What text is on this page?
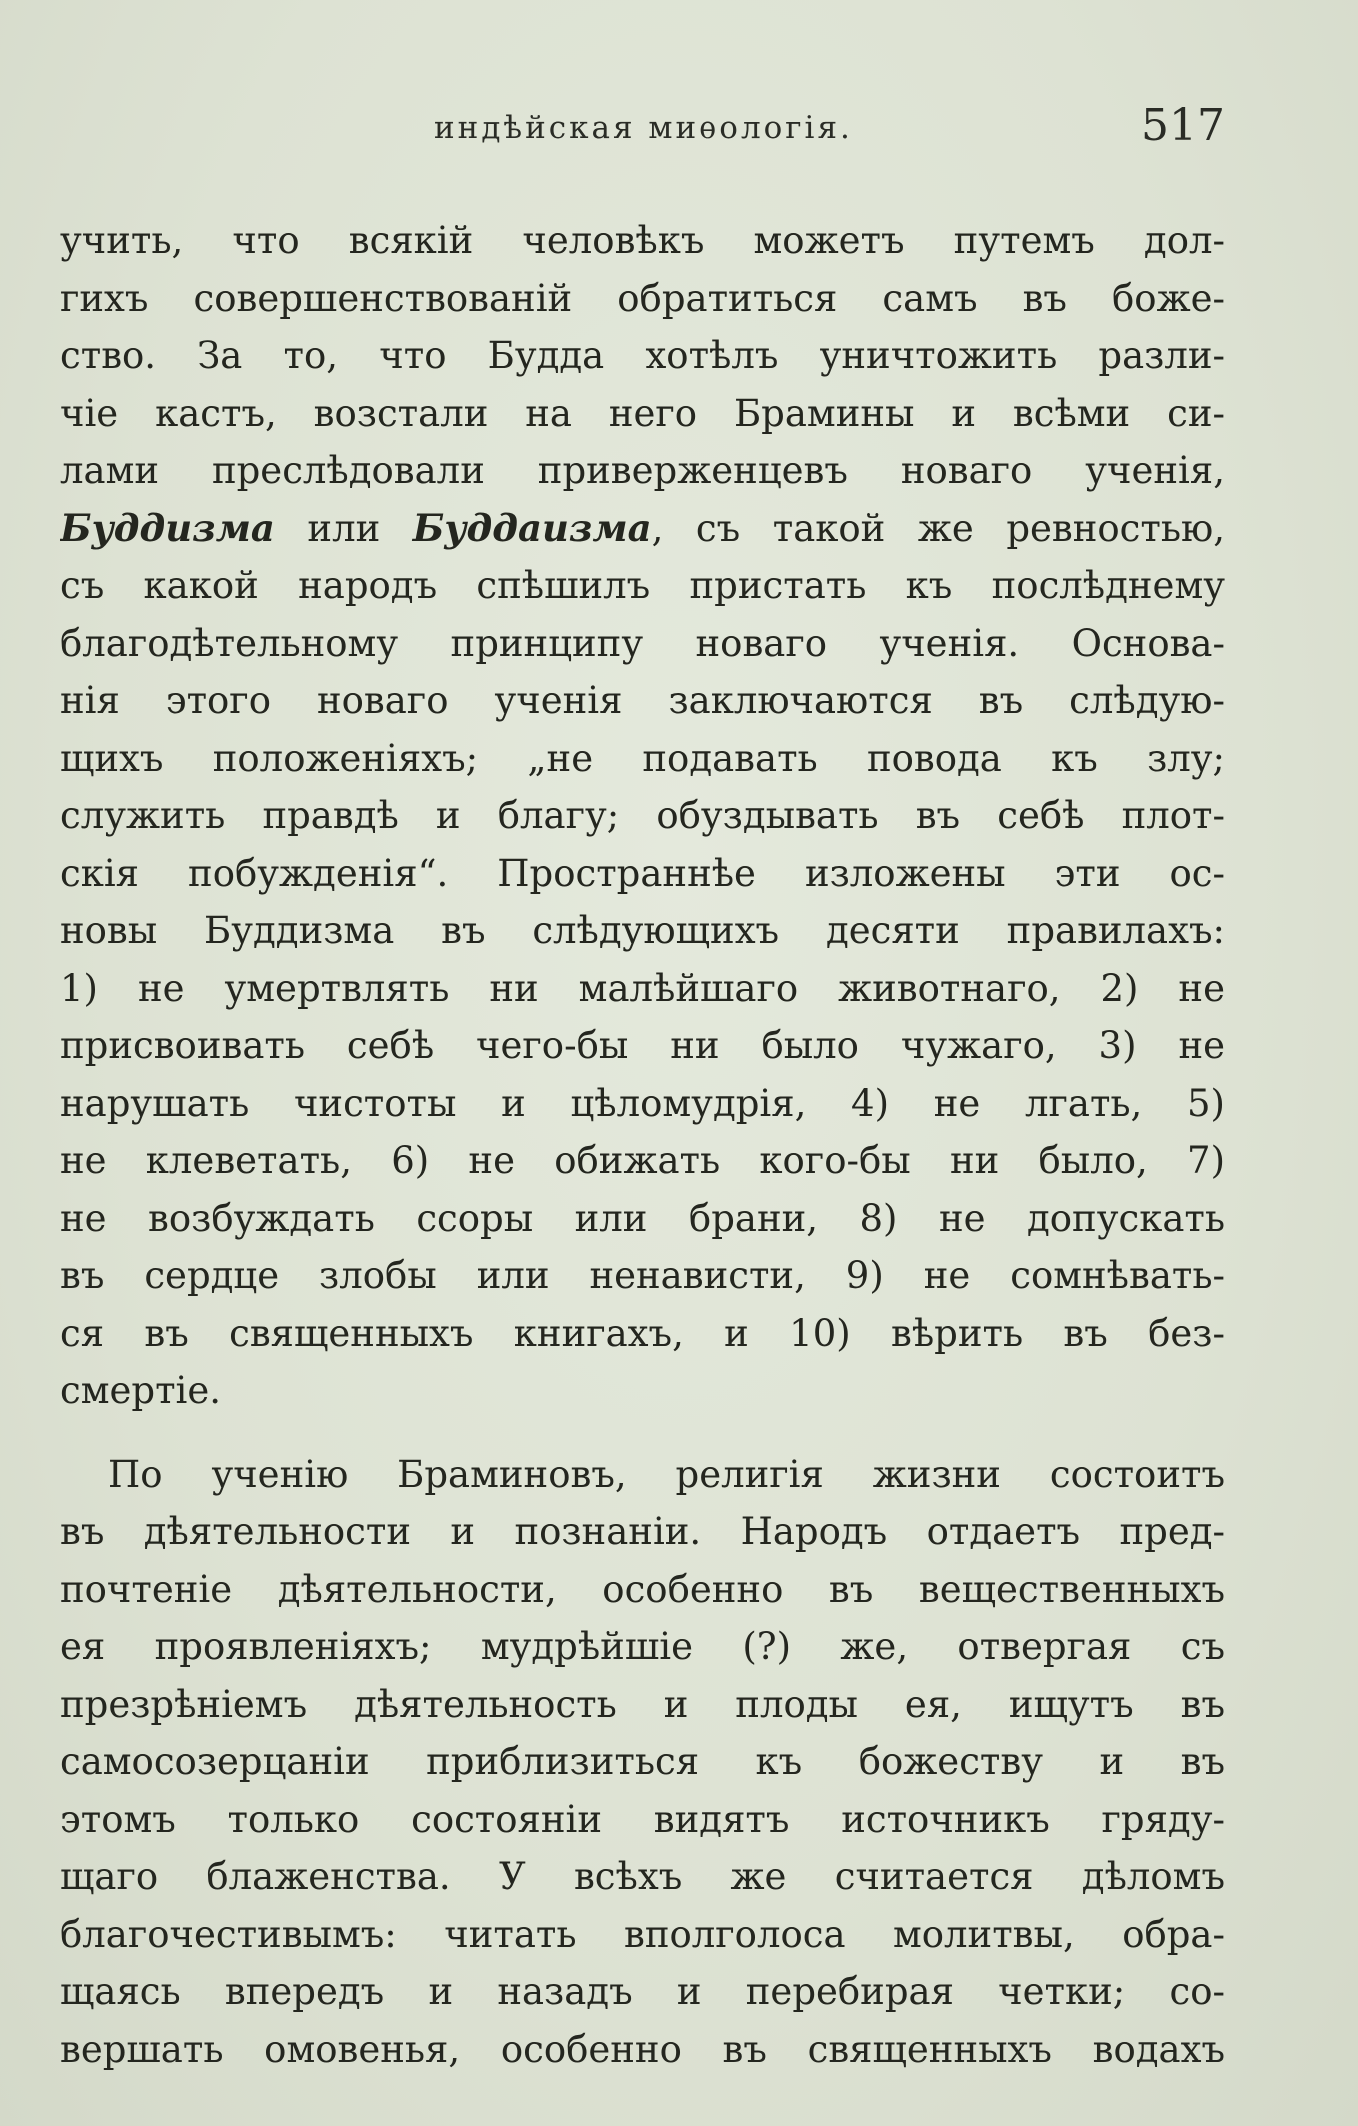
индѣйская миѳологія.	517
учить, что всякій человѣкъ можетъ путемъ дол-
гихъ совершенствованій обратиться самъ въ боже-
ство. За то, что Будда хотѣлъ уничтожить разли-
чіе кастъ, возстали на него Брамины и всѣми си-
лами преслѣдовали приверженцевъ новаго ученія,
Буддизма или Буддаизма, съ такой же ревностью,
съ какой народъ спѣшилъ пристать къ послѣднему
благодѣтельному принципу новаго ученія. Основа-
нія этого новаго ученія заключаются въ слѣдую-
щихъ положеніяхъ; „не подавать повода къ злу;
служить правдѣ и благу; обуздывать въ себѣ плот-
скія побужденія“. Пространнѣе изложены эти ос-
новы Буддизма въ слѣдующихъ десяти правилахъ:
1) не умертвлять ни малѣйшаго животнаго, 2) не
присвоивать себѣ чего-бы ни было чужаго, 3) не
нарушать чистоты и цѣломудрія, 4) не лгать, 5)
не клеветать, 6) не обижать кого-бы ни было, 7)
не возбуждать ссоры или брани, 8) не допускать
въ сердце злобы или ненависти, 9) не сомнѣвать-
ся въ священныхъ книгахъ, и 10) вѣрить въ без-
смертіе.
По ученію Браминовъ, религія жизни состоитъ
въ дѣятельности и познаніи. Народъ отдаетъ пред-
почтеніе дѣятельности, особенно въ вещественныхъ
ея проявленіяхъ; мудрѣйшіе (?) же, отвергая съ
презрѣніемъ дѣятельность и плоды ея, ищутъ въ
самосозерцаніи приблизиться къ божеству и въ
этомъ только состояніи видятъ источникъ гряду-
щаго блаженства. У всѣхъ же считается дѣломъ
благочестивымъ: читать вполголоса молитвы, обра-
щаясь впередъ и назадъ и перебирая четки; со-
вершать омовенья, особенно въ священныхъ водахъ
